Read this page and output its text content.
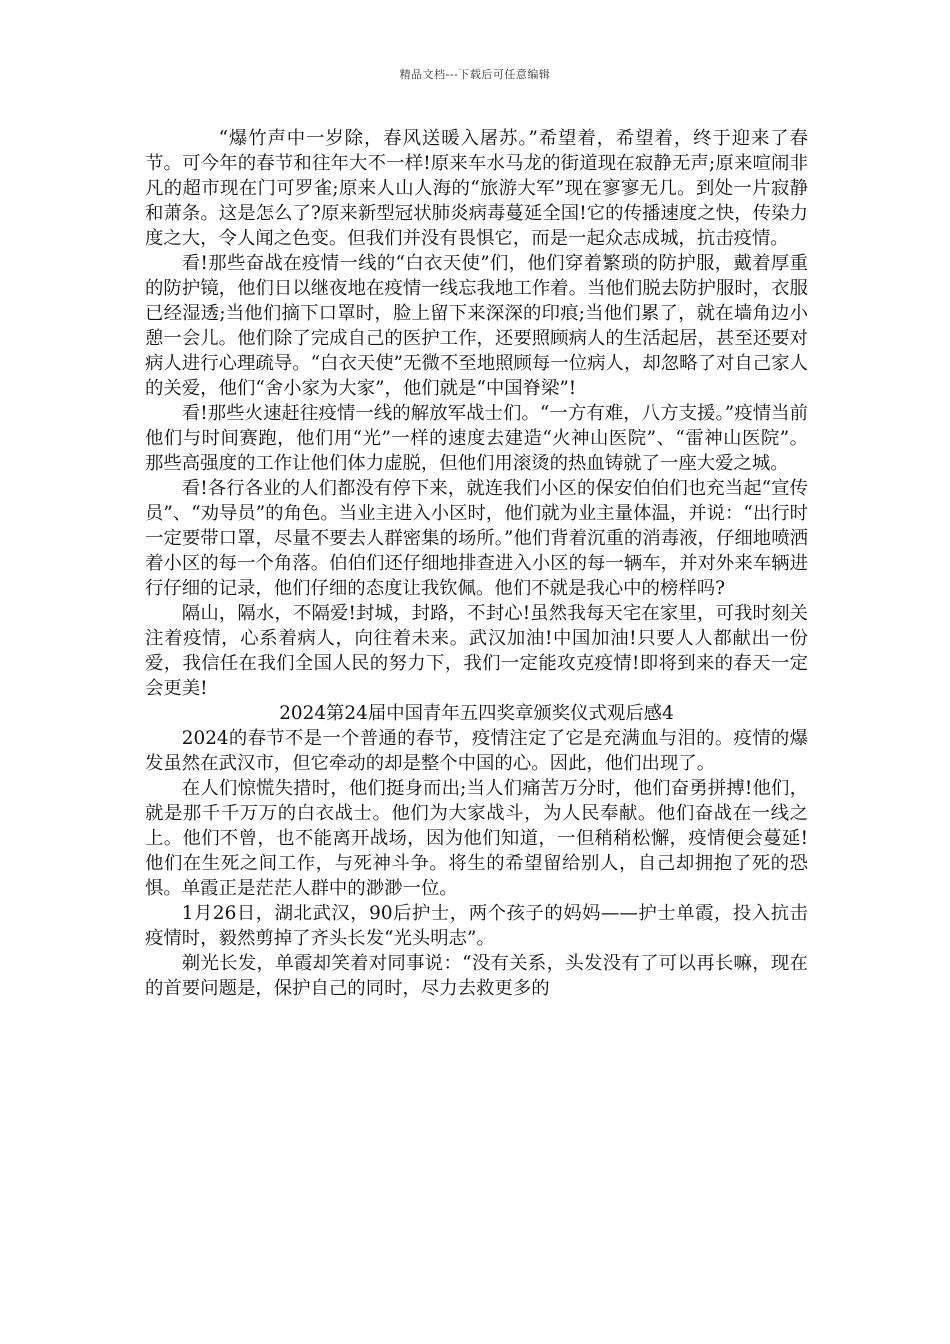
精品文档---下载后可任意编辑

“爆竹声中一岁除，春风送暖入屠苏。”希望着，希望着，终于迎来了春节。可今年的春节和往年大不一样!原来车水马龙的街道现在寂静无声;原来喧闹非凡的超市现在门可罗雀;原来人山人海的“旅游大军”现在寥寥无几。到处一片寂静和萧条。这是怎么了?原来新型冠状肺炎病毒蔓延全国!它的传播速度之快，传染力度之大，令人闻之色变。但我们并没有畏惧它，而是一起众志成城，抗击疫情。

看!那些奋战在疫情一线的“白衣天使”们，他们穿着繁琐的防护服，戴着厚重的防护镜，他们日以继夜地在疫情一线忘我地工作着。当他们脱去防护服时，衣服已经湿透;当他们摘下口罩时，脸上留下来深深的印痕;当他们累了，就在墙角边小憩一会儿。他们除了完成自己的医护工作，还要照顾病人的生活起居，甚至还要对病人进行心理疏导。“白衣天使”无微不至地照顾每一位病人，却忽略了对自己家人的关爱，他们“舍小家为大家”，他们就是“中国脊梁”!

看!那些火速赶往疫情一线的解放军战士们。“一方有难，八方支援。”疫情当前他们与时间赛跑，他们用“光”一样的速度去建造“火神山医院”、“雷神山医院”。那些高强度的工作让他们体力虚脱，但他们用滚烫的热血铸就了一座大爱之城。

看!各行各业的人们都没有停下来，就连我们小区的保安伯伯们也充当起“宣传员”、“劝导员”的角色。当业主进入小区时，他们就为业主量体温，并说：“出行时一定要带口罩，尽量不要去人群密集的场所。”他们背着沉重的消毒液，仔细地喷洒着小区的每一个角落。伯伯们还仔细地排查进入小区的每一辆车，并对外来车辆进行仔细的记录，他们仔细的态度让我钦佩。他们不就是我心中的榜样吗?

隔山，隔水，不隔爱!封城，封路，不封心!虽然我每天宅在家里，可我时刻关注着疫情，心系着病人，向往着未来。武汉加油!中国加油!只要人人都献出一份爱，我信任在我们全国人民的努力下，我们一定能攻克疫情!即将到来的春天一定会更美!

2024第24届中国青年五四奖章颁奖仪式观后感4

2024的春节不是一个普通的春节，疫情注定了它是充满血与泪的。疫情的爆发虽然在武汉市，但它牵动的却是整个中国的心。因此，他们出现了。

在人们惊慌失措时，他们挺身而出;当人们痛苦万分时，他们奋勇拼搏!他们，就是那千千万万的白衣战士。他们为大家战斗，为人民奉献。他们奋战在一线之上。他们不曾，也不能离开战场，因为他们知道，一但稍稍松懈，疫情便会蔓延!他们在生死之间工作，与死神斗争。将生的希望留给别人，自己却拥抱了死的恐惧。单霞正是茫茫人群中的渺渺一位。

1月26日，湖北武汉，90后护士，两个孩子的妈妈——护士单霞，投入抗击疫情时，毅然剪掉了齐头长发“光头明志”。

剃光长发，单霞却笑着对同事说：“没有关系，头发没有了可以再长嘛，现在的首要问题是，保护自己的同时，尽力去救更多的
